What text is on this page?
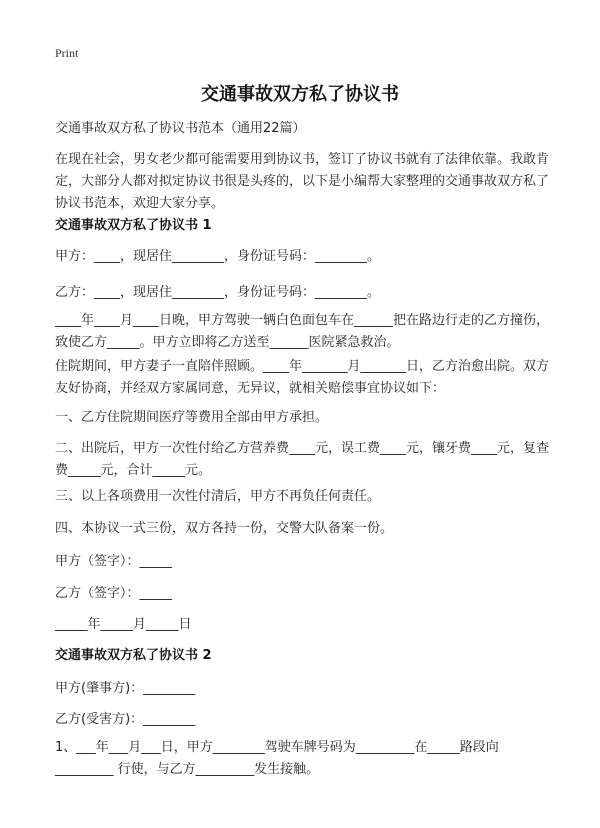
Print
交通事故双方私了协议书
交通事故双方私了协议书范本（通用22篇）
在现在社会，男女老少都可能需要用到协议书，签订了协议书就有了法律依靠。我敢肯定，大部分人都对拟定协议书很是头疼的，以下是小编帮大家整理的交通事故双方私了协议书范本，欢迎大家分享。
交通事故双方私了协议书 1
甲方：____，现居住________，身份证号码：________。
乙方：____，现居住________，身份证号码：________。
____年____月____日晚，甲方驾驶一辆白色面包车在______把在路边行走的乙方撞伤，致使乙方_____。甲方立即将乙方送至______医院紧急救治。
住院期间，甲方妻子一直陪伴照顾。____年_______月_______日，乙方治愈出院。双方友好协商，并经双方家属同意，无异议，就相关赔偿事宜协议如下：
一、乙方住院期间医疗等费用全部由甲方承担。
二、出院后，甲方一次性付给乙方营养费____元，误工费____元，镶牙费____元，复查费_____元，合计_____元。
三、以上各项费用一次性付清后，甲方不再负任何责任。
四、本协议一式三份，双方各持一份，交警大队备案一份。
甲方（签字）：_____
乙方（签字）：_____
_____年_____月_____日
交通事故双方私了协议书 2
甲方(肇事方)：________
乙方(受害方)：________
1、___年___月___日，甲方________驾驶车牌号码为_________在_____路段向_________ 行使，与乙方_________发生接触。
